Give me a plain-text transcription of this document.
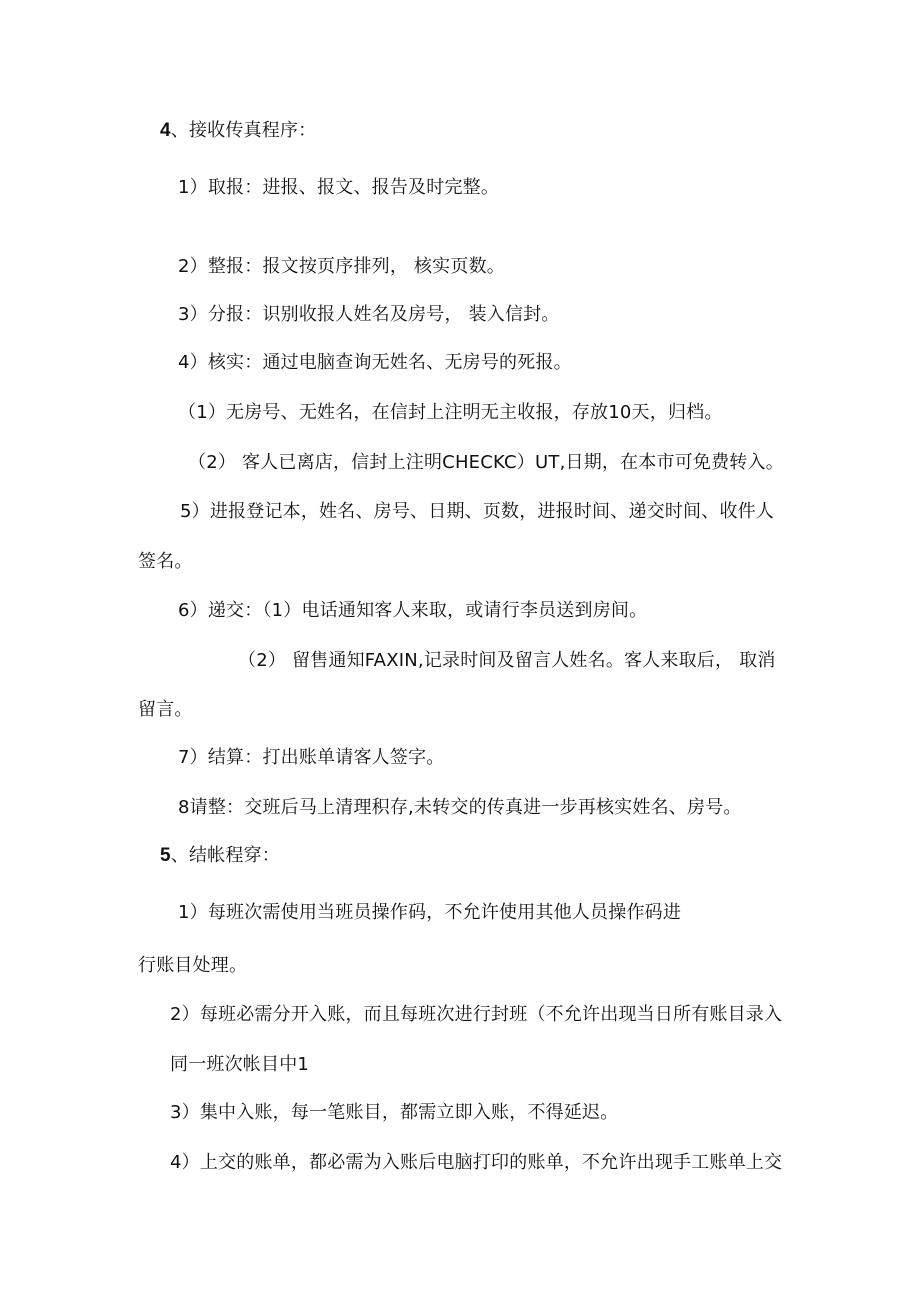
4、接收传真程序：
1）取报：进报、报文、报告及时完整。
2）整报：报文按页序排列， 核实页数。
3）分报：识别收报人姓名及房号， 装入信封。
4）核实：通过电脑查询无姓名、无房号的死报。
（1）无房号、无姓名，在信封上注明无主收报，存放10天，归档。
（2） 客人已离店，信封上注明CHECKC）UT,日期，在本市可免费转入。
5）进报登记本，姓名、房号、日期、页数，进报时间、递交时间、收件人
签名。
6）递交：（1）电话通知客人来取，或请行李员送到房间。
（2） 留售通知FAXIN,记录时间及留言人姓名。客人来取后， 取消
留言。
7）结算：打出账单请客人签字。
8请整：交班后马上清理积存,未转交的传真进一步再核实姓名、房号。
5、结帐程穿：
1）每班次需使用当班员操作码，不允许使用其他人员操作码进
行账目处理。
2）每班必需分开入账，而且每班次进行封班（不允许出现当日所有账目录入
同一班次帐目中1
3）集中入账，每一笔账目，都需立即入账，不得延迟。
4）上交的账单，都必需为入账后电脑打印的账单，不允许出现手工账单上交
